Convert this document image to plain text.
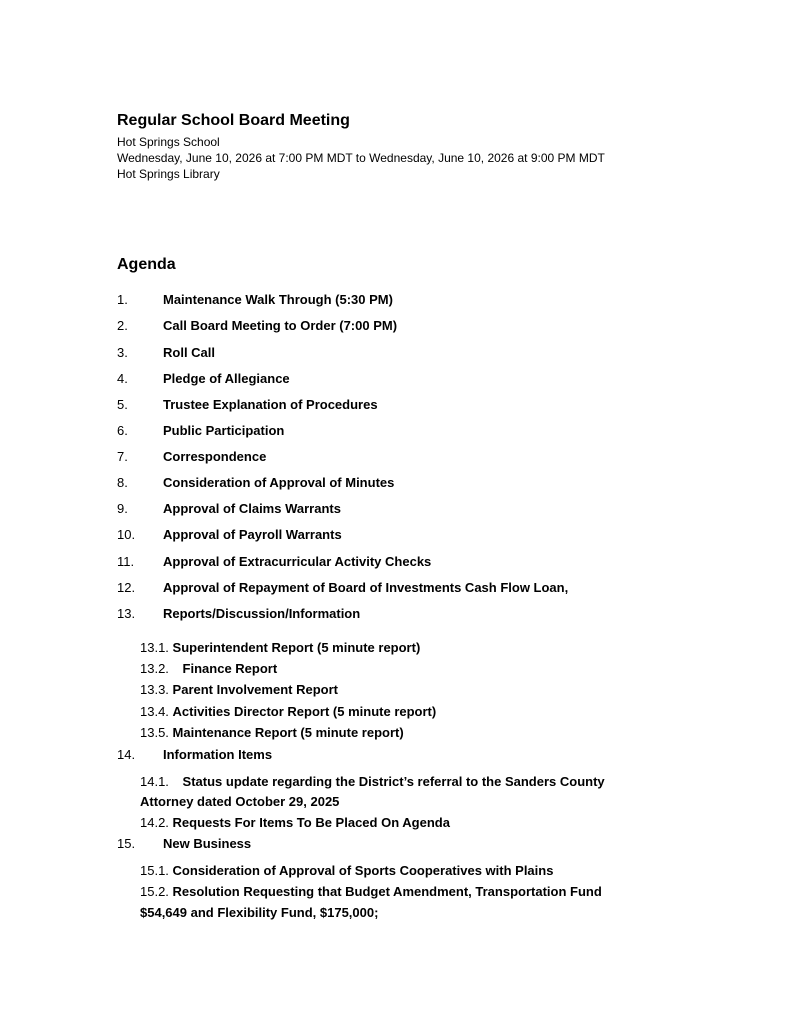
Regular School Board Meeting
Hot Springs School
Wednesday, June 10, 2026 at 7:00 PM MDT to Wednesday, June 10, 2026 at 9:00 PM MDT
Hot Springs Library
Agenda
1.	Maintenance Walk Through (5:30 PM)
2.	Call Board Meeting to Order (7:00 PM)
3.	Roll Call
4.	Pledge of Allegiance
5.	Trustee Explanation of Procedures
6.	Public Participation
7.	Correspondence
8.	Consideration of Approval of Minutes
9.	Approval of Claims Warrants
10. Approval of Payroll Warrants
11. Approval of Extracurricular Activity Checks
12. Approval of Repayment of Board of Investments Cash Flow Loan,
13. Reports/Discussion/Information
13.1. Superintendent Report (5 minute report)
13.2. Finance Report
13.3. Parent Involvement Report
13.4. Activities Director Report (5 minute report)
13.5. Maintenance Report (5 minute report)
14. Information Items
14.1. Status update regarding the District’s referral to the Sanders County
Attorney dated October 29, 2025
14.2. Requests For Items To Be Placed On Agenda
15. New Business
15.1. Consideration of Approval of Sports Cooperatives with Plains
15.2. Resolution Requesting that Budget Amendment, Transportation Fund
$54,649 and Flexibility Fund, $175,000;
